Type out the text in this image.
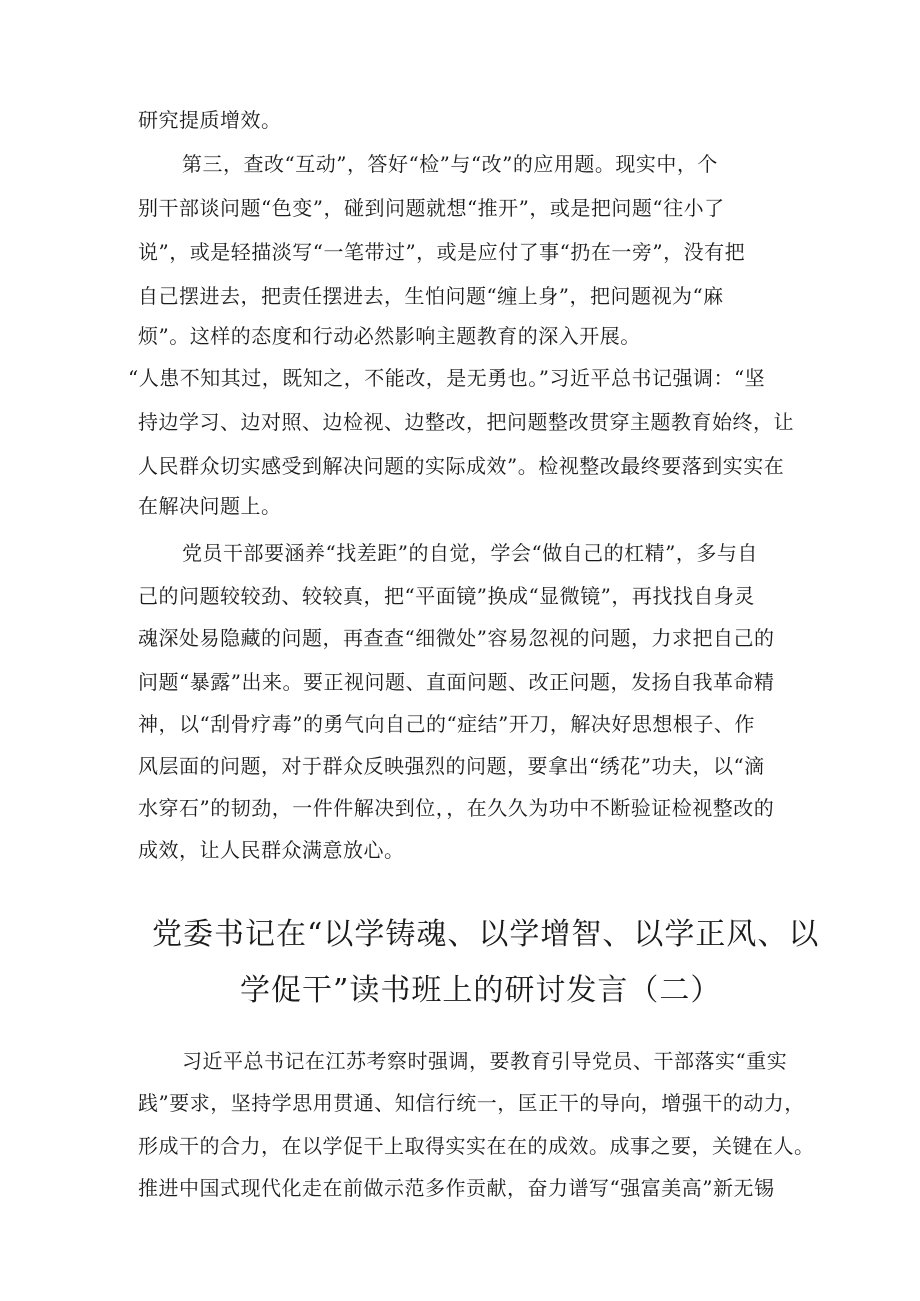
研究提质增效。
第三，查改“互动”，答好“检”与“改”的应用题。现实中，个
别干部谈问题“色变”，碰到问题就想“推开”，或是把问题“往小了
说”，或是轻描淡写“一笔带过”，或是应付了事“扔在一旁”，没有把
自己摆进去，把责任摆进去，生怕问题“缠上身”，把问题视为“麻
烦”。这样的态度和行动必然影响主题教育的深入开展。
“人患不知其过，既知之，不能改，是无勇也。”习近平总书记强调：“坚
持边学习、边对照、边检视、边整改，把问题整改贯穿主题教育始终，让
人民群众切实感受到解决问题的实际成效”。检视整改最终要落到实实在
在解决问题上。
党员干部要涵养“找差距”的自觉，学会“做自己的杠精”，多与自
己的问题较较劲、较较真，把“平面镜”换成“显微镜”，再找找自身灵
魂深处易隐藏的问题，再查查“细微处”容易忽视的问题，力求把自己的
问题“暴露”出来。要正视问题、直面问题、改正问题，发扬自我革命精
神，以“刮骨疗毒”的勇气向自己的“症结”开刀，解决好思想根子、作
风层面的问题，对于群众反映强烈的问题，要拿出“绣花”功夫，以“滴
水穿石”的韧劲，一件件解决到位，，在久久为功中不断验证检视整改的
成效，让人民群众满意放心。
党委书记在“以学铸魂、以学增智、以学正风、以
学促干”读书班上的研讨发言（二）
习近平总书记在江苏考察时强调，要教育引导党员、干部落实“重实
践”要求，坚持学思用贯通、知信行统一，匡正干的导向，增强干的动力，
形成干的合力，在以学促干上取得实实在在的成效。成事之要，关键在人。
推进中国式现代化走在前做示范多作贡献，奋力谱写“强富美高”新无锡
